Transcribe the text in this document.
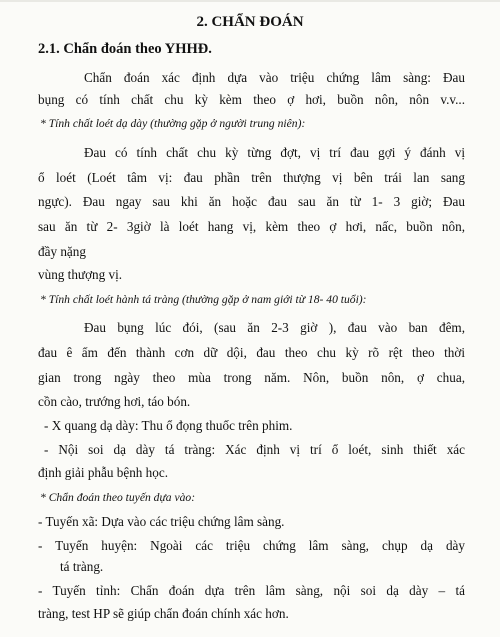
2. CHẨN ĐOÁN
2.1. Chẩn đoán theo YHHĐ.
Chẩn đoán xác định dựa vào triệu chứng lâm sàng: Đau
bụng có tính chất chu kỳ kèm theo ợ hơi, buồn nôn, nôn v.v...
* Tính chất loét dạ dày (thường gặp ở người trung niên):
Đau có tính chất chu kỳ từng đợt, vị trí đau gợi ý đánh vị
ổ loét (Loét tâm vị: đau phần trên thượng vị bên trái lan sang
ngực). Đau ngay sau khi ăn hoặc đau sau ăn từ 1- 3 giờ; Đau
sau ăn từ 2- 3giờ là loét hang vị, kèm theo ợ hơi, nấc, buồn nôn,
đầy nặng
vùng thượng vị.
* Tính chất loét hành tá tràng (thường gặp ở nam giới từ 18- 40 tuổi):
Đau bụng lúc đói, (sau ăn 2-3 giờ ), đau vào ban đêm,
đau ê ẩm đến thành cơn dữ dội, đau theo chu kỳ rõ rệt theo thời
gian trong ngày theo mùa trong năm. Nôn, buồn nôn, ợ chua,
cồn cào, trướng hơi, táo bón.
- X quang dạ dày: Thu ổ đọng thuốc trên phim.
- Nội soi dạ dày tá tràng: Xác định vị trí ổ loét, sinh thiết xác
định giải phẫu bệnh học.
* Chẩn đoán theo tuyến dựa vào:
- Tuyến xã: Dựa vào các triệu chứng lâm sàng.
- Tuyến huyện: Ngoài các triệu chứng lâm sàng, chụp dạ dày
tá tràng.
- Tuyến tỉnh: Chẩn đoán dựa trên lâm sàng, nội soi dạ dày – tá
tràng, test HP sẽ giúp chẩn đoán chính xác hơn.
